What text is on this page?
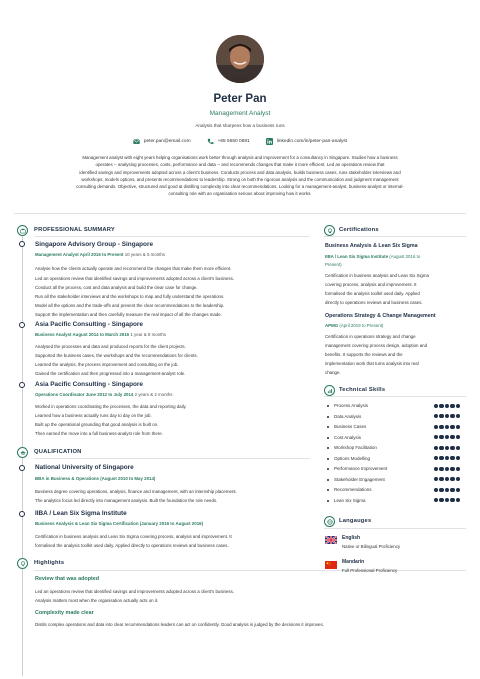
Peter Pan
Management Analyst
Analysis that sharpens how a business runs
peter.pan@email.com	+65 5550 0691	linkedin.com/in/peter-pan-analyst
Management analyst with eight years helping organisations work better through analysis and improvement for a consultancy in Singapore. Studies how a business
operates -- analysing processes, costs, performance and data -- and recommends changes that make it more efficient. Led an operations review that
identified savings and improvements adopted across a client's business. Conducts process and data analysis, builds business cases, runs stakeholder interviews and
workshops, models options, and presents recommendations to leadership. Strong on both the rigorous analysis and the communication and judgment management
consulting demands. Objective, structured and good at distilling complexity into clear recommendations. Looking for a management-analyst, business-analyst or internal-
consulting role with an organisation serious about improving how it works.
PROFESSIONAL SUMMARY
Singapore Advisory Group - Singapore
Management Analyst April 2016 to Present 10 years & 5 months
Analyse how the clients actually operate and recommend the changes that make them more efficient.
Led an operations review that identified savings and improvements adopted across a client's business.
Conduct all the process, cost and data analysis and build the clear case for change.
Run all the stakeholder interviews and the workshops to map and fully understand the operations.
Model all the options and the trade-offs and present the clear recommendations to the leadership.
Support the implementation and then carefully measure the real impact of all the changes made.
Asia Pacific Consulting - Singapore
Business Analyst August 2014 to March 2016 1 year & 8 months
Analysed the processes and data and produced reports for the client projects.
Supported the business cases, the workshops and the recommendations for clients.
Learned the analysis, the process improvement and consulting on the job.
Gained the certification and then progressed into a management-analyst role.
Asia Pacific Consulting - Singapore
Operations Coordinator June 2012 to July 2014 2 years & 2 months
Worked in operations coordinating the processes, the data and reporting daily.
Learned how a business actually runs day to day on the job.
Built up the operational grounding that good analysis is built on.
Then earned the move into a full business-analyst role from there.
QUALIFICATION
National University of Singapore
BBA in Business & Operations (August 2010 to May 2014)
Business degree covering operations, analysis, finance and management, with an internship placement.
The analytics focus led directly into management analysis. Built the foundation the role needs.
IIBA / Lean Six Sigma Institute
Business Analysis & Lean Six Sigma Certification (January 2016 to August 2016)
Certification in business analysis and Lean Six Sigma covering process, analysis and improvement. It
formalised the analysis toolkit used daily. Applied directly to operations reviews and business cases.
Highlights
Review that was adopted
Led an operations review that identified savings and improvements adopted across a client's business.
Analysis matters most when the organisation actually acts on it.
Complexity made clear
Distils complex operations and data into clear recommendations leaders can act on confidently. Good analysis is judged by the decisions it improves.
Certifications
Business Analysis & Lean Six Sigma
IIBA / Lean Six Sigma Institute (August 2016 to
Present)
Certification in business analysis and Lean Six Sigma
covering process, analysis and improvement. It
formalised the analysis toolkit used daily. Applied
directly to operations reviews and business cases.
Operations Strategy & Change Management
APMG (April 2019 to Present)
Certification in operations strategy and change
management covering process design, adoption and
benefits. It supports the reviews and the
implementation work that turns analysis into real
change.
Technical Skills
Process Analysis
Data Analysis
Business Cases
Cost Analysis
Workshop Facilitation
Options Modelling
Performance Improvement
Stakeholder Engagement
Recommendations
Lean Six Sigma
Langauges
English
Native or Bilingual Proficiency
Mandarin
Full Professional Proficiency
